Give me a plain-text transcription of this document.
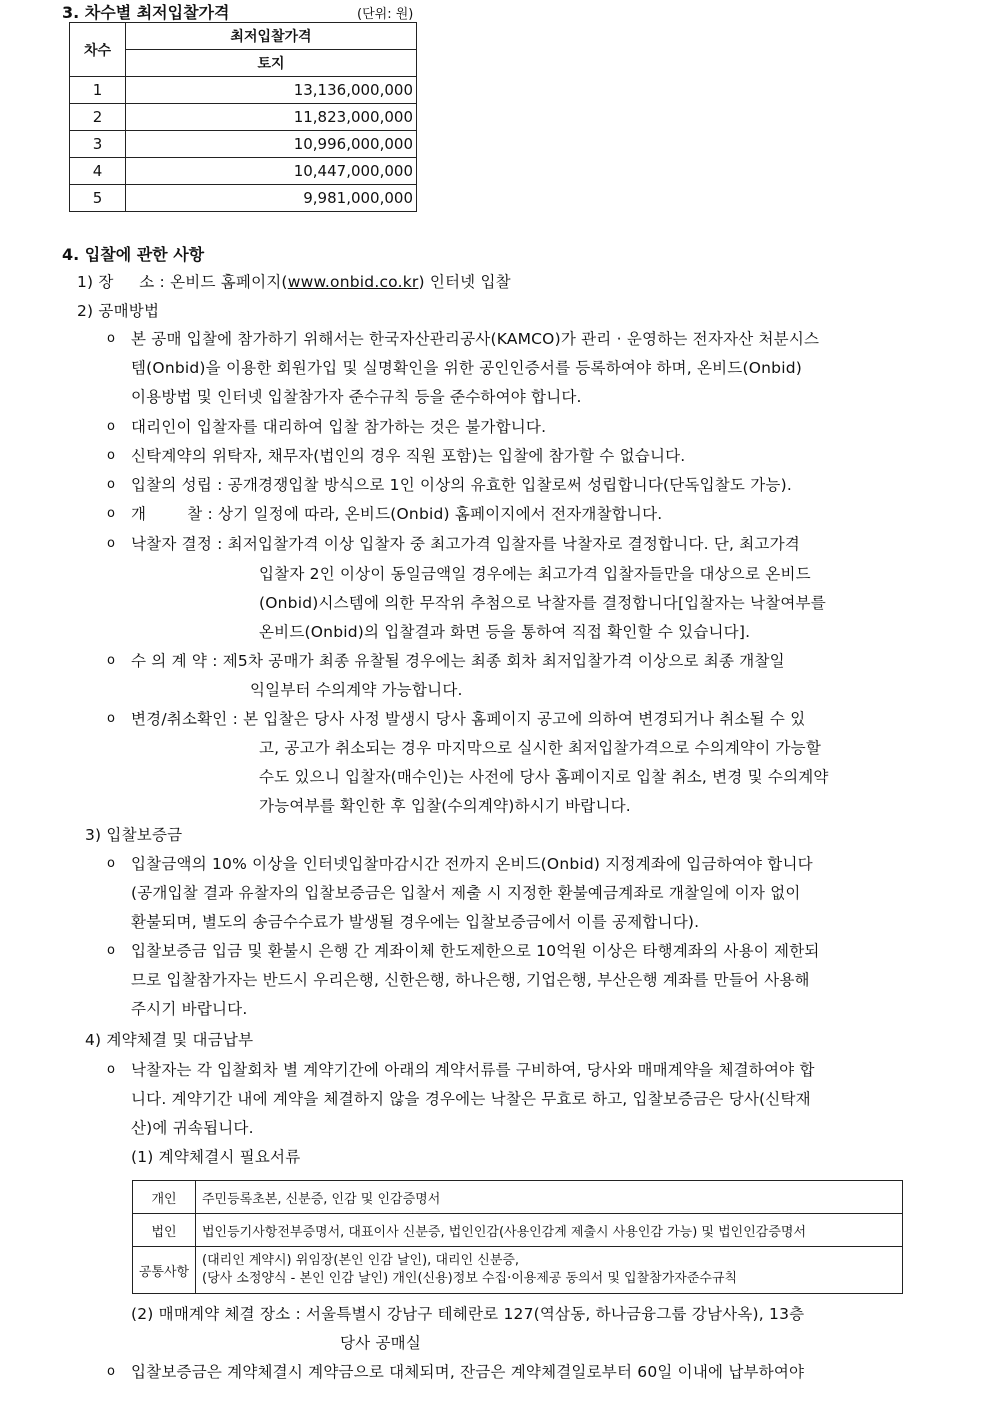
3. 차수별 최저입찰가격	(단위: 원)
차수	최저입찰가격
	토지
1	13,136,000,000
2	11,823,000,000
3	10,996,000,000
4	10,447,000,000
5	9,981,000,000
4. 입찰에 관한 사항
1) 장     소 : 온비드 홈페이지(www.onbid.co.kr) 인터넷 입찰
2) 공매방법
o 본 공매 입찰에 참가하기 위해서는 한국자산관리공사(KAMCO)가 관리 · 운영하는 전자자산 처분시스
템(Onbid)을 이용한 회원가입 및 실명확인을 위한 공인인증서를 등록하여야 하며, 온비드(Onbid)
이용방법 및 인터넷 입찰참가자 준수규칙 등을 준수하여야 합니다.
o 대리인이 입찰자를 대리하여 입찰 참가하는 것은 불가합니다.
o 신탁계약의 위탁자, 채무자(법인의 경우 직원 포함)는 입찰에 참가할 수 없습니다.
o 입찰의 성립 : 공개경쟁입찰 방식으로 1인 이상의 유효한 입찰로써 성립합니다(단독입찰도 가능).
o 개        찰 : 상기 일정에 따라, 온비드(Onbid) 홈페이지에서 전자개찰합니다.
o 낙찰자 결정 : 최저입찰가격 이상 입찰자 중 최고가격 입찰자를 낙찰자로 결정합니다. 단, 최고가격
입찰자 2인 이상이 동일금액일 경우에는 최고가격 입찰자들만을 대상으로 온비드
(Onbid)시스템에 의한 무작위 추첨으로 낙찰자를 결정합니다[입찰자는 낙찰여부를
온비드(Onbid)의 입찰결과 화면 등을 통하여 직접 확인할 수 있습니다].
o 수 의 계 약 : 제5차 공매가 최종 유찰될 경우에는 최종 회차 최저입찰가격 이상으로 최종 개찰일
익일부터 수의계약 가능합니다.
o 변경/취소확인 : 본 입찰은 당사 사정 발생시 당사 홈페이지 공고에 의하여 변경되거나 취소될 수 있
고, 공고가 취소되는 경우 마지막으로 실시한 최저입찰가격으로 수의계약이 가능할
수도 있으니 입찰자(매수인)는 사전에 당사 홈페이지로 입찰 취소, 변경 및 수의계약
가능여부를 확인한 후 입찰(수의계약)하시기 바랍니다.
3) 입찰보증금
o 입찰금액의 10% 이상을 인터넷입찰마감시간 전까지 온비드(Onbid) 지정계좌에 입금하여야 합니다
(공개입찰 결과 유찰자의 입찰보증금은 입찰서 제출 시 지정한 환불예금계좌로 개찰일에 이자 없이
환불되며, 별도의 송금수수료가 발생될 경우에는 입찰보증금에서 이를 공제합니다).
o 입찰보증금 입금 및 환불시 은행 간 계좌이체 한도제한으로 10억원 이상은 타행계좌의 사용이 제한되
므로 입찰참가자는 반드시 우리은행, 신한은행, 하나은행, 기업은행, 부산은행 계좌를 만들어 사용해
주시기 바랍니다.
4) 계약체결 및 대금납부
o 낙찰자는 각 입찰회차 별 계약기간에 아래의 계약서류를 구비하여, 당사와 매매계약을 체결하여야 합
니다. 계약기간 내에 계약을 체결하지 않을 경우에는 낙찰은 무효로 하고, 입찰보증금은 당사(신탁재
산)에 귀속됩니다.
(1) 계약체결시 필요서류
개인	주민등록초본, 신분증, 인감 및 인감증명서
법인	법인등기사항전부증명서, 대표이사 신분증, 법인인감(사용인감계 제출시 사용인감 가능) 및 법인인감증명서
공통사항	(대리인 계약시) 위임장(본인 인감 날인), 대리인 신분증,
(당사 소정양식 - 본인 인감 날인) 개인(신용)정보 수집·이용제공 동의서 및 입찰참가자준수규칙
(2) 매매계약 체결 장소 : 서울특별시 강남구 테헤란로 127(역삼동, 하나금융그룹 강남사옥), 13층
당사 공매실
o 입찰보증금은 계약체결시 계약금으로 대체되며, 잔금은 계약체결일로부터 60일 이내에 납부하여야
